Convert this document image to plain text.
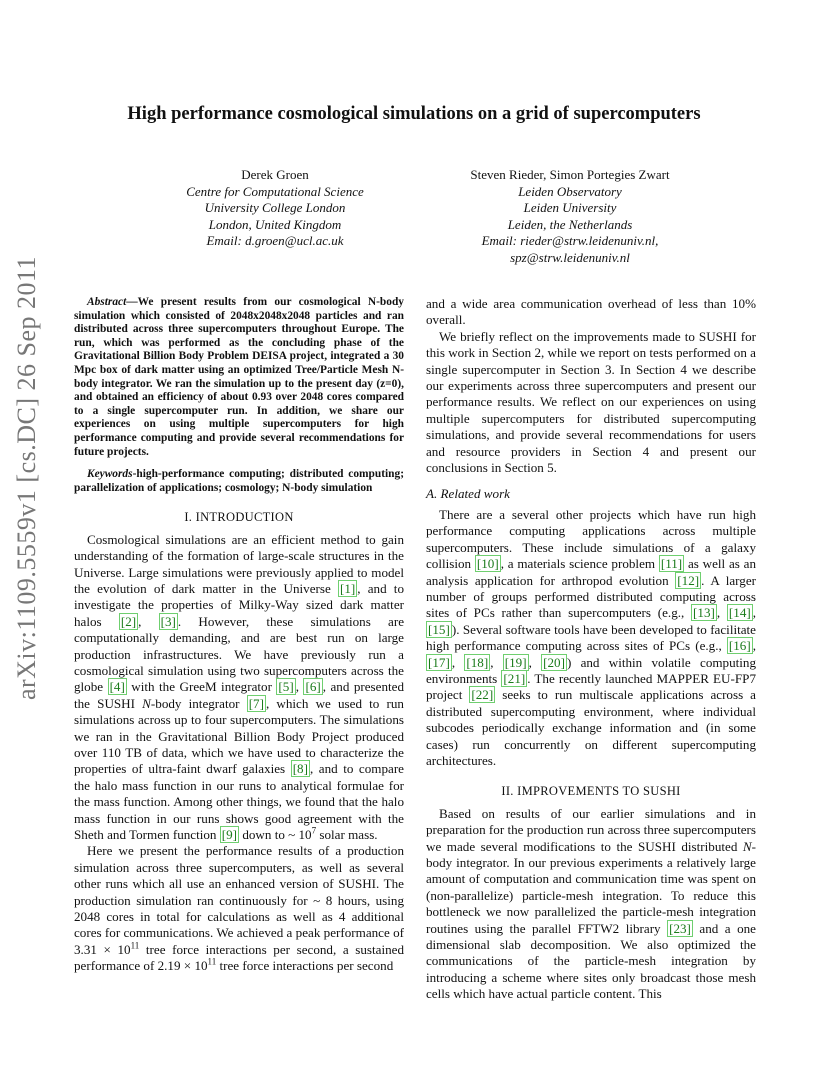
arXiv:1109.5559v1 [cs.DC] 26 Sep 2011
High performance cosmological simulations on a grid of supercomputers
Derek Groen
Centre for Computational Science
University College London
London, United Kingdom
Email: d.groen@ucl.ac.uk
Steven Rieder, Simon Portegies Zwart
Leiden Observatory
Leiden University
Leiden, the Netherlands
Email: rieder@strw.leidenuniv.nl,
spz@strw.leidenuniv.nl

Abstract—We present results from our cosmological N-body simulation which consisted of 2048x2048x2048 particles and ran distributed across three supercomputers throughout Europe. The run, which was performed as the concluding phase of the Gravitational Billion Body Problem DEISA project, integrated a 30 Mpc box of dark matter using an optimized Tree/Particle Mesh N-body integrator. We ran the simulation up to the present day (z=0), and obtained an efficiency of about 0.93 over 2048 cores compared to a single supercomputer run. In addition, we share our experiences on using multiple supercomputers for high performance computing and provide several recommendations for future projects.

Keywords-high-performance computing; distributed computing; parallelization of applications; cosmology; N-body simulation

I. INTRODUCTION

Cosmological simulations are an efficient method to gain understanding of the formation of large-scale structures in the Universe. Large simulations were previously applied to model the evolution of dark matter in the Universe [1] , and to investigate the properties of Milky-Way sized dark matter halos [2] , [3] . However, these simulations are computationally demanding, and are best run on large production infrastructures. We have previously run a cosmological simulation using two supercomputers across the globe [4] with the GreeM integrator [5] , [6] , and presented the SUSHI N-body integrator [7] , which we used to run simulations across up to four supercomputers. The simulations we ran in the Gravitational Billion Body Project produced over 110 TB of data, which we have used to characterize the properties of ultra-faint dwarf galaxies [8] , and to compare the halo mass function in our runs to analytical formulae for the mass function. Among other things, we found that the halo mass function in our runs shows good agreement with the Sheth and Tormen function [9] down to ~ $10^7$ solar mass.

Here we present the performance results of a production simulation across three supercomputers, as well as several other runs which all use an enhanced version of SUSHI. The production simulation ran continuously for ~ 8 hours, using 2048 cores in total for calculations as well as 4 additional cores for communications. We achieved a peak performance of $3.31 \times 10^{11}$ tree force interactions per second, a sustained performance of $2.19 \times 10^{11}$ tree force interactions per second

and a wide area communication overhead of less than 10% overall.

We briefly reflect on the improvements made to SUSHI for this work in Section 2, while we report on tests performed on a single supercomputer in Section 3. In Section 4 we describe our experiments across three supercomputers and present our performance results. We reflect on our experiences on using multiple supercomputers for distributed supercomputing simulations, and provide several recommendations for users and resource providers in Section 4 and present our conclusions in Section 5.

A. Related work

There are a several other projects which have run high performance computing applications across multiple supercomputers. These include simulations of a galaxy collision [10] , a materials science problem [11] as well as an analysis application for arthropod evolution [12] . A larger number of groups performed distributed computing across sites of PCs rather than supercomputers (e.g., [13] , [14] , [15] ). Several software tools have been developed to facilitate high performance computing across sites of PCs (e.g., [16] , [17] , [18] , [19] , [20] ) and within volatile computing environments [21] . The recently launched MAPPER EU-FP7 project [22] seeks to run multiscale applications across a distributed supercomputing environment, where individual subcodes periodically exchange information and (in some cases) run concurrently on different supercomputing architectures.

II. IMPROVEMENTS TO SUSHI

Based on results of our earlier simulations and in preparation for the production run across three supercomputers we made several modifications to the SUSHI distributed N-body integrator. In our previous experiments a relatively large amount of computation and communication time was spent on (non-parallelize) particle-mesh integration. To reduce this bottleneck we now parallelized the particle-mesh integration routines using the parallel FFTW2 library [23] and a one dimensional slab decomposition. We also optimized the communications of the particle-mesh integration by introducing a scheme where sites only broadcast those mesh cells which have actual particle content. This
